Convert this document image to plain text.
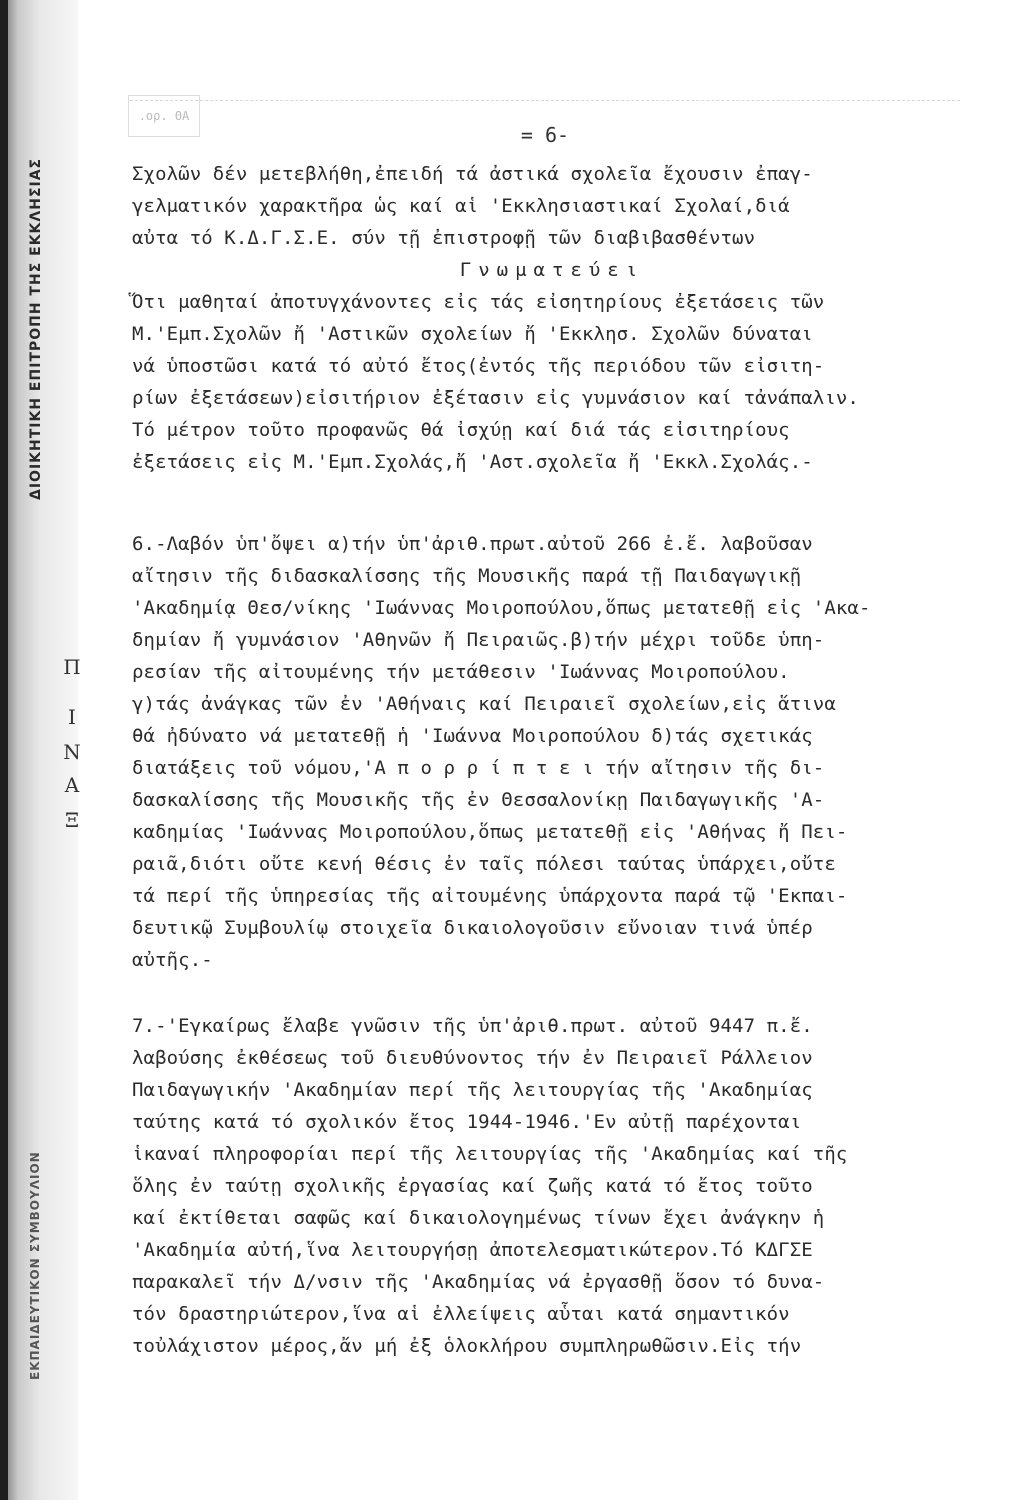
ΔΙΟΙΚΗΤΙΚΗ ΕΠΙΤΡΟΠΗ ΤΗΣ ΕΚΚΛΗΣΙΑΣ
ΕΚΠΑΙΔΕΥΤΙΚΟΝ ΣΥΜΒΟΥΛΙΟΝ
Π
Ι
Ν
Α
Ξ
.ορ. ΘΑ
= 6-
Σχολῶν δέν μετεβλήθη,ἐπειδή τά ἀστικά σχολεῖα ἔχουσιν ἐπαγ-
γελματικόν χαρακτῆρα ὡς καί αἱ 'Εκκλησιαστικαί Σχολαί,διά
αὐτα τό Κ.Δ.Γ.Σ.Ε. σύν τῇ ἐπιστροφῇ τῶν διαβιβασθέντων
Γνωματεύει
Ὅτι μαθηταί ἀποτυγχάνοντες εἰς τάς εἰσητηρίους ἐξετάσεις τῶν
Μ.'Εμπ.Σχολῶν ἤ 'Αστικῶν σχολείων ἤ 'Εκκλησ. Σχολῶν δύναται
νά ὑποστῶσι κατά τό αὐτό ἔτος(ἐντός τῆς περιόδου τῶν εἰσιτη-
ρίων ἐξετάσεων)εἰσιτήριον ἐξέτασιν εἰς γυμνάσιον καί τἀνάπαλιν.
Τό μέτρον τοῦτο προφανῶς θά ἰσχύῃ καί διά τάς εἰσιτηρίους
ἐξετάσεις εἰς Μ.'Εμπ.Σχολάς,ἤ 'Αστ.σχολεῖα ἤ 'Εκκλ.Σχολάς.-
6.-Λαβόν ὑπ'ὄψει α)τήν ὑπ'ἀριθ.πρωτ.αὐτοῦ 266 ἐ.ἔ. λαβοῦσαν
αἴτησιν τῆς διδασκαλίσσης τῆς Μουσικῆς παρά τῇ Παιδαγωγικῇ
'Ακαδημίᾳ Θεσ/νίκης 'Ιωάννας Μοιροπούλου,ὅπως μετατεθῇ εἰς 'Ακα-
δημίαν ἤ γυμνάσιον 'Αθηνῶν ἤ Πειραιῶς.β)τήν μέχρι τοῦδε ὑπη-
ρεσίαν τῆς αἰτουμένης τήν μετάθεσιν 'Ιωάννας Μοιροπούλου.
γ)τάς ἀνάγκας τῶν ἐν 'Αθήναις καί Πειραιεῖ σχολείων,εἰς ἅτινα
θά ἠδύνατο νά μετατεθῇ ἡ 'Ιωάννα Μοιροπούλου δ)τάς σχετικάς
διατάξεις τοῦ νόμου,'Α π ο ρ ρ ί π τ ε ι τήν αἴτησιν τῆς δι-
δασκαλίσσης τῆς Μουσικῆς τῆς ἐν Θεσσαλονίκῃ Παιδαγωγικῆς 'Α-
καδημίας 'Ιωάννας Μοιροπούλου,ὅπως μετατεθῇ εἰς 'Αθήνας ἤ Πει-
ραιᾶ,διότι οὔτε κενή θέσις ἐν ταῖς πόλεσι ταύτας ὑπάρχει,οὔτε
τά περί τῆς ὑπηρεσίας τῆς αἰτουμένης ὑπάρχοντα παρά τῷ 'Εκπαι-
δευτικῷ Συμβουλίῳ στοιχεῖα δικαιολογοῦσιν εὔνοιαν τινά ὑπέρ
αὐτῆς.-
7.-'Εγκαίρως ἔλαβε γνῶσιν τῆς ὑπ'ἀριθ.πρωτ. αὐτοῦ 9447 π.ἔ.
λαβούσης ἐκθέσεως τοῦ διευθύνοντος τήν ἐν Πειραιεῖ Ράλλειον
Παιδαγωγικήν 'Ακαδημίαν περί τῆς λειτουργίας τῆς 'Ακαδημίας
ταύτης κατά τό σχολικόν ἔτος 1944-1946.'Εν αὐτῇ παρέχονται
ἱκαναί πληροφορίαι περί τῆς λειτουργίας τῆς 'Ακαδημίας καί τῆς
ὅλης ἐν ταύτῃ σχολικῆς ἐργασίας καί ζωῆς κατά τό ἔτος τοῦτο
καί ἐκτίθεται σαφῶς καί δικαιολογημένως τίνων ἔχει ἀνάγκην ἡ
'Ακαδημία αὐτή,ἵνα λειτουργήσῃ ἀποτελεσματικώτερον.Τό ΚΔΓΣΕ
παρακαλεῖ τήν Δ/νσιν τῆς 'Ακαδημίας νά ἐργασθῇ ὅσον τό δυνα-
τόν δραστηριώτερον,ἵνα αἱ ἐλλείψεις αὗται κατά σημαντικόν
τοὐλάχιστον μέρος,ἄν μή ἐξ ὁλοκλήρου συμπληρωθῶσιν.Εἰς τήν
